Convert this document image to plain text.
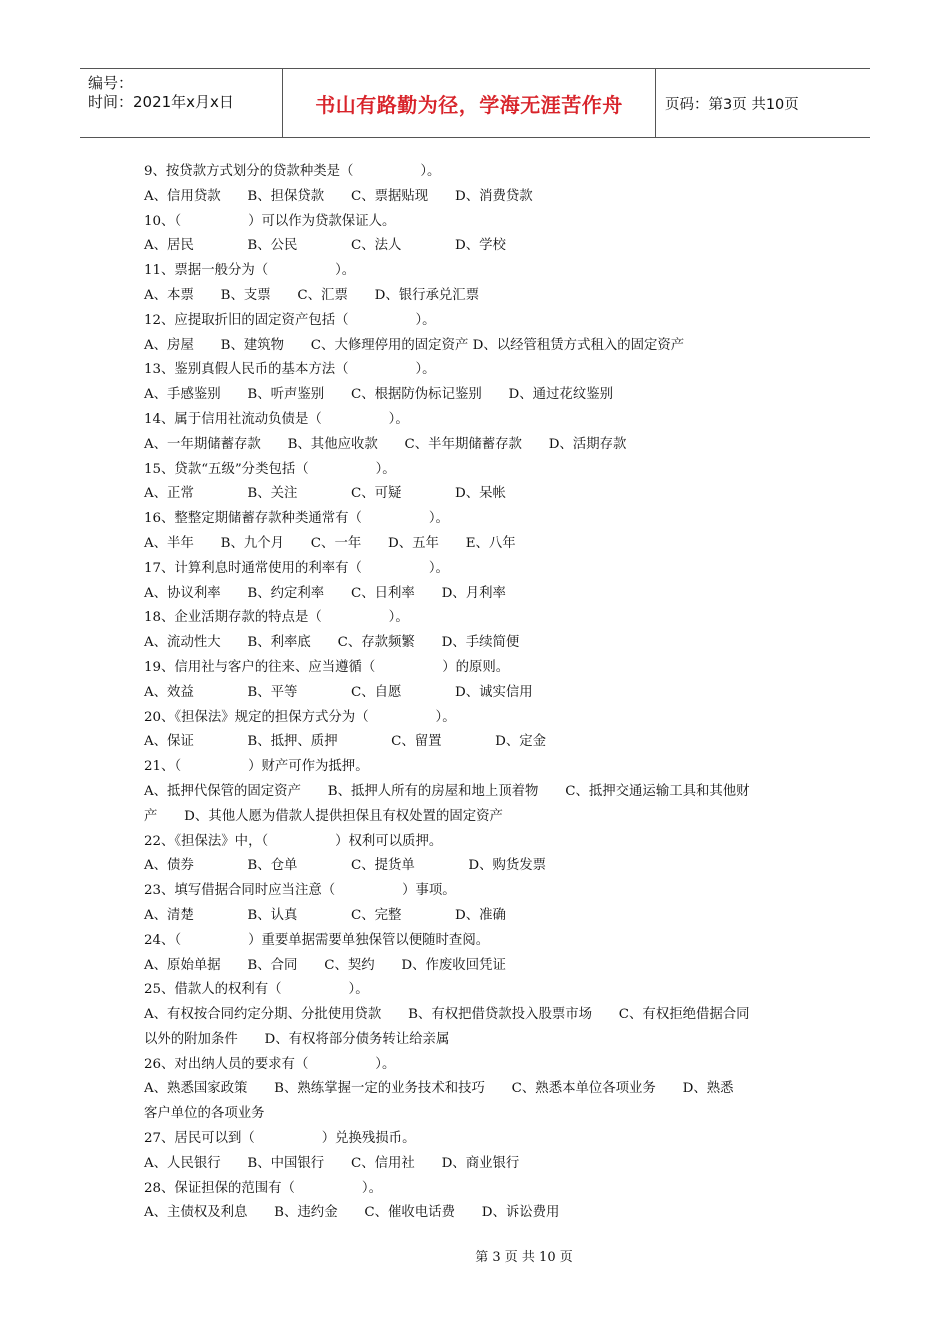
编号：
时间：2021年x月x日	书山有路勤为径，学海无涯苦作舟	页码：第3页 共10页
9、按贷款方式划分的贷款种类是（　　　　　）。
A、信用贷款　　B、担保贷款　　C、票据贴现　　D、消费贷款
10、（　　　　　）可以作为贷款保证人。
A、居民　　　　B、公民　　　　C、法人　　　　D、学校
11、票据一般分为（　　　　　）。
A、本票　　B、支票　　C、汇票　　D、银行承兑汇票
12、应提取折旧的固定资产包括（　　　　　）。
A、房屋　　B、建筑物　　C、大修理停用的固定资产 D、以经管租赁方式租入的固定资产
13、鉴别真假人民币的基本方法（　　　　　）。
A、手感鉴别　　B、听声鉴别　　C、根据防伪标记鉴别　　D、通过花纹鉴别
14、属于信用社流动负债是（　　　　　）。
A、一年期储蓄存款　　B、其他应收款　　C、半年期储蓄存款　　D、活期存款
15、贷款“五级”分类包括（　　　　　）。
A、正常　　　　B、关注　　　　C、可疑　　　　D、呆帐
16、整整定期储蓄存款种类通常有（　　　　　）。
A、半年　　B、九个月　　C、一年　　D、五年　　E、八年
17、计算利息时通常使用的利率有（　　　　　）。
A、协议利率　　B、约定利率　　C、日利率　　D、月利率
18、企业活期存款的特点是（　　　　　）。
A、流动性大　　B、利率底　　C、存款频繁　　D、手续简便
19、信用社与客户的往来、应当遵循（　　　　　）的原则。
A、效益　　　　B、平等　　　　C、自愿　　　　D、诚实信用
20、《担保法》规定的担保方式分为（　　　　　）。
A、保证　　　　B、抵押、质押　　　　C、留置　　　　D、定金
21、（　　　　　）财产可作为抵押。
A、抵押代保管的固定资产　　B、抵押人所有的房屋和地上顶着物　　C、抵押交通运输工具和其他财
产　　D、其他人愿为借款人提供担保且有权处置的固定资产
22、《担保法》中，（　　　　　）权利可以质押。
A、债券　　　　B、仓单　　　　C、提货单　　　　D、购货发票
23、填写借据合同时应当注意（　　　　　）事项。
A、清楚　　　　B、认真　　　　C、完整　　　　D、准确
24、（　　　　　）重要单据需要单独保管以便随时查阅。
A、原始单据　　B、合同　　C、契约　　D、作废收回凭证
25、借款人的权利有（　　　　　）。
A、有权按合同约定分期、分批使用贷款　　B、有权把借贷款投入股票市场　　C、有权拒绝借据合同
以外的附加条件　　D、有权将部分债务转让给亲属
26、对出纳人员的要求有（　　　　　）。
A、熟悉国家政策　　B、熟练掌握一定的业务技术和技巧　　C、熟悉本单位各项业务　　D、熟悉
客户单位的各项业务
27、居民可以到（　　　　　）兑换残损币。
A、人民银行　　B、中国银行　　C、信用社　　D、商业银行
28、保证担保的范围有（　　　　　）。
A、主债权及利息　　B、违约金　　C、催收电话费　　D、诉讼费用
第 3 页 共 10 页
